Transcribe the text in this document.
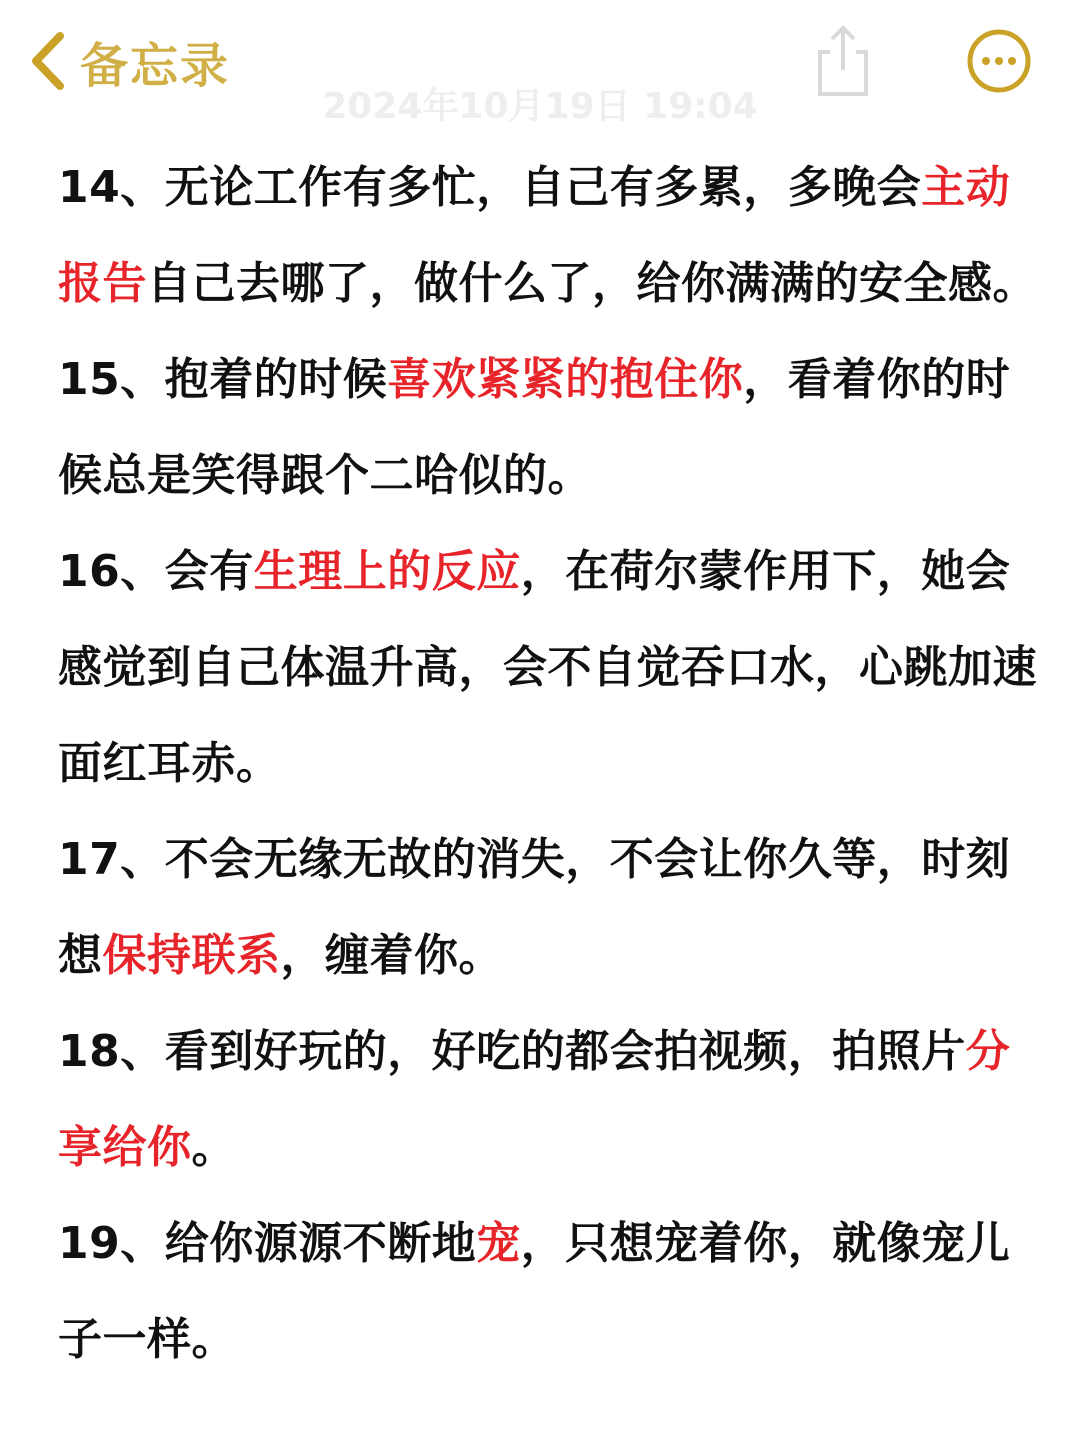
备忘录
2024年10月19日 19:04
14、无论工作有多忙，自己有多累，多晚会主动
报告自己去哪了，做什么了，给你满满的安全感。
15、抱着的时候喜欢紧紧的抱住你，看着你的时
候总是笑得跟个二哈似的。
16、会有生理上的反应，在荷尔蒙作用下，她会
感觉到自己体温升高，会不自觉吞口水，心跳加速
面红耳赤。
17、不会无缘无故的消失，不会让你久等，时刻
想保持联系，缠着你。
18、看到好玩的，好吃的都会拍视频，拍照片分
享给你。
19、给你源源不断地宠，只想宠着你，就像宠儿
子一样。
